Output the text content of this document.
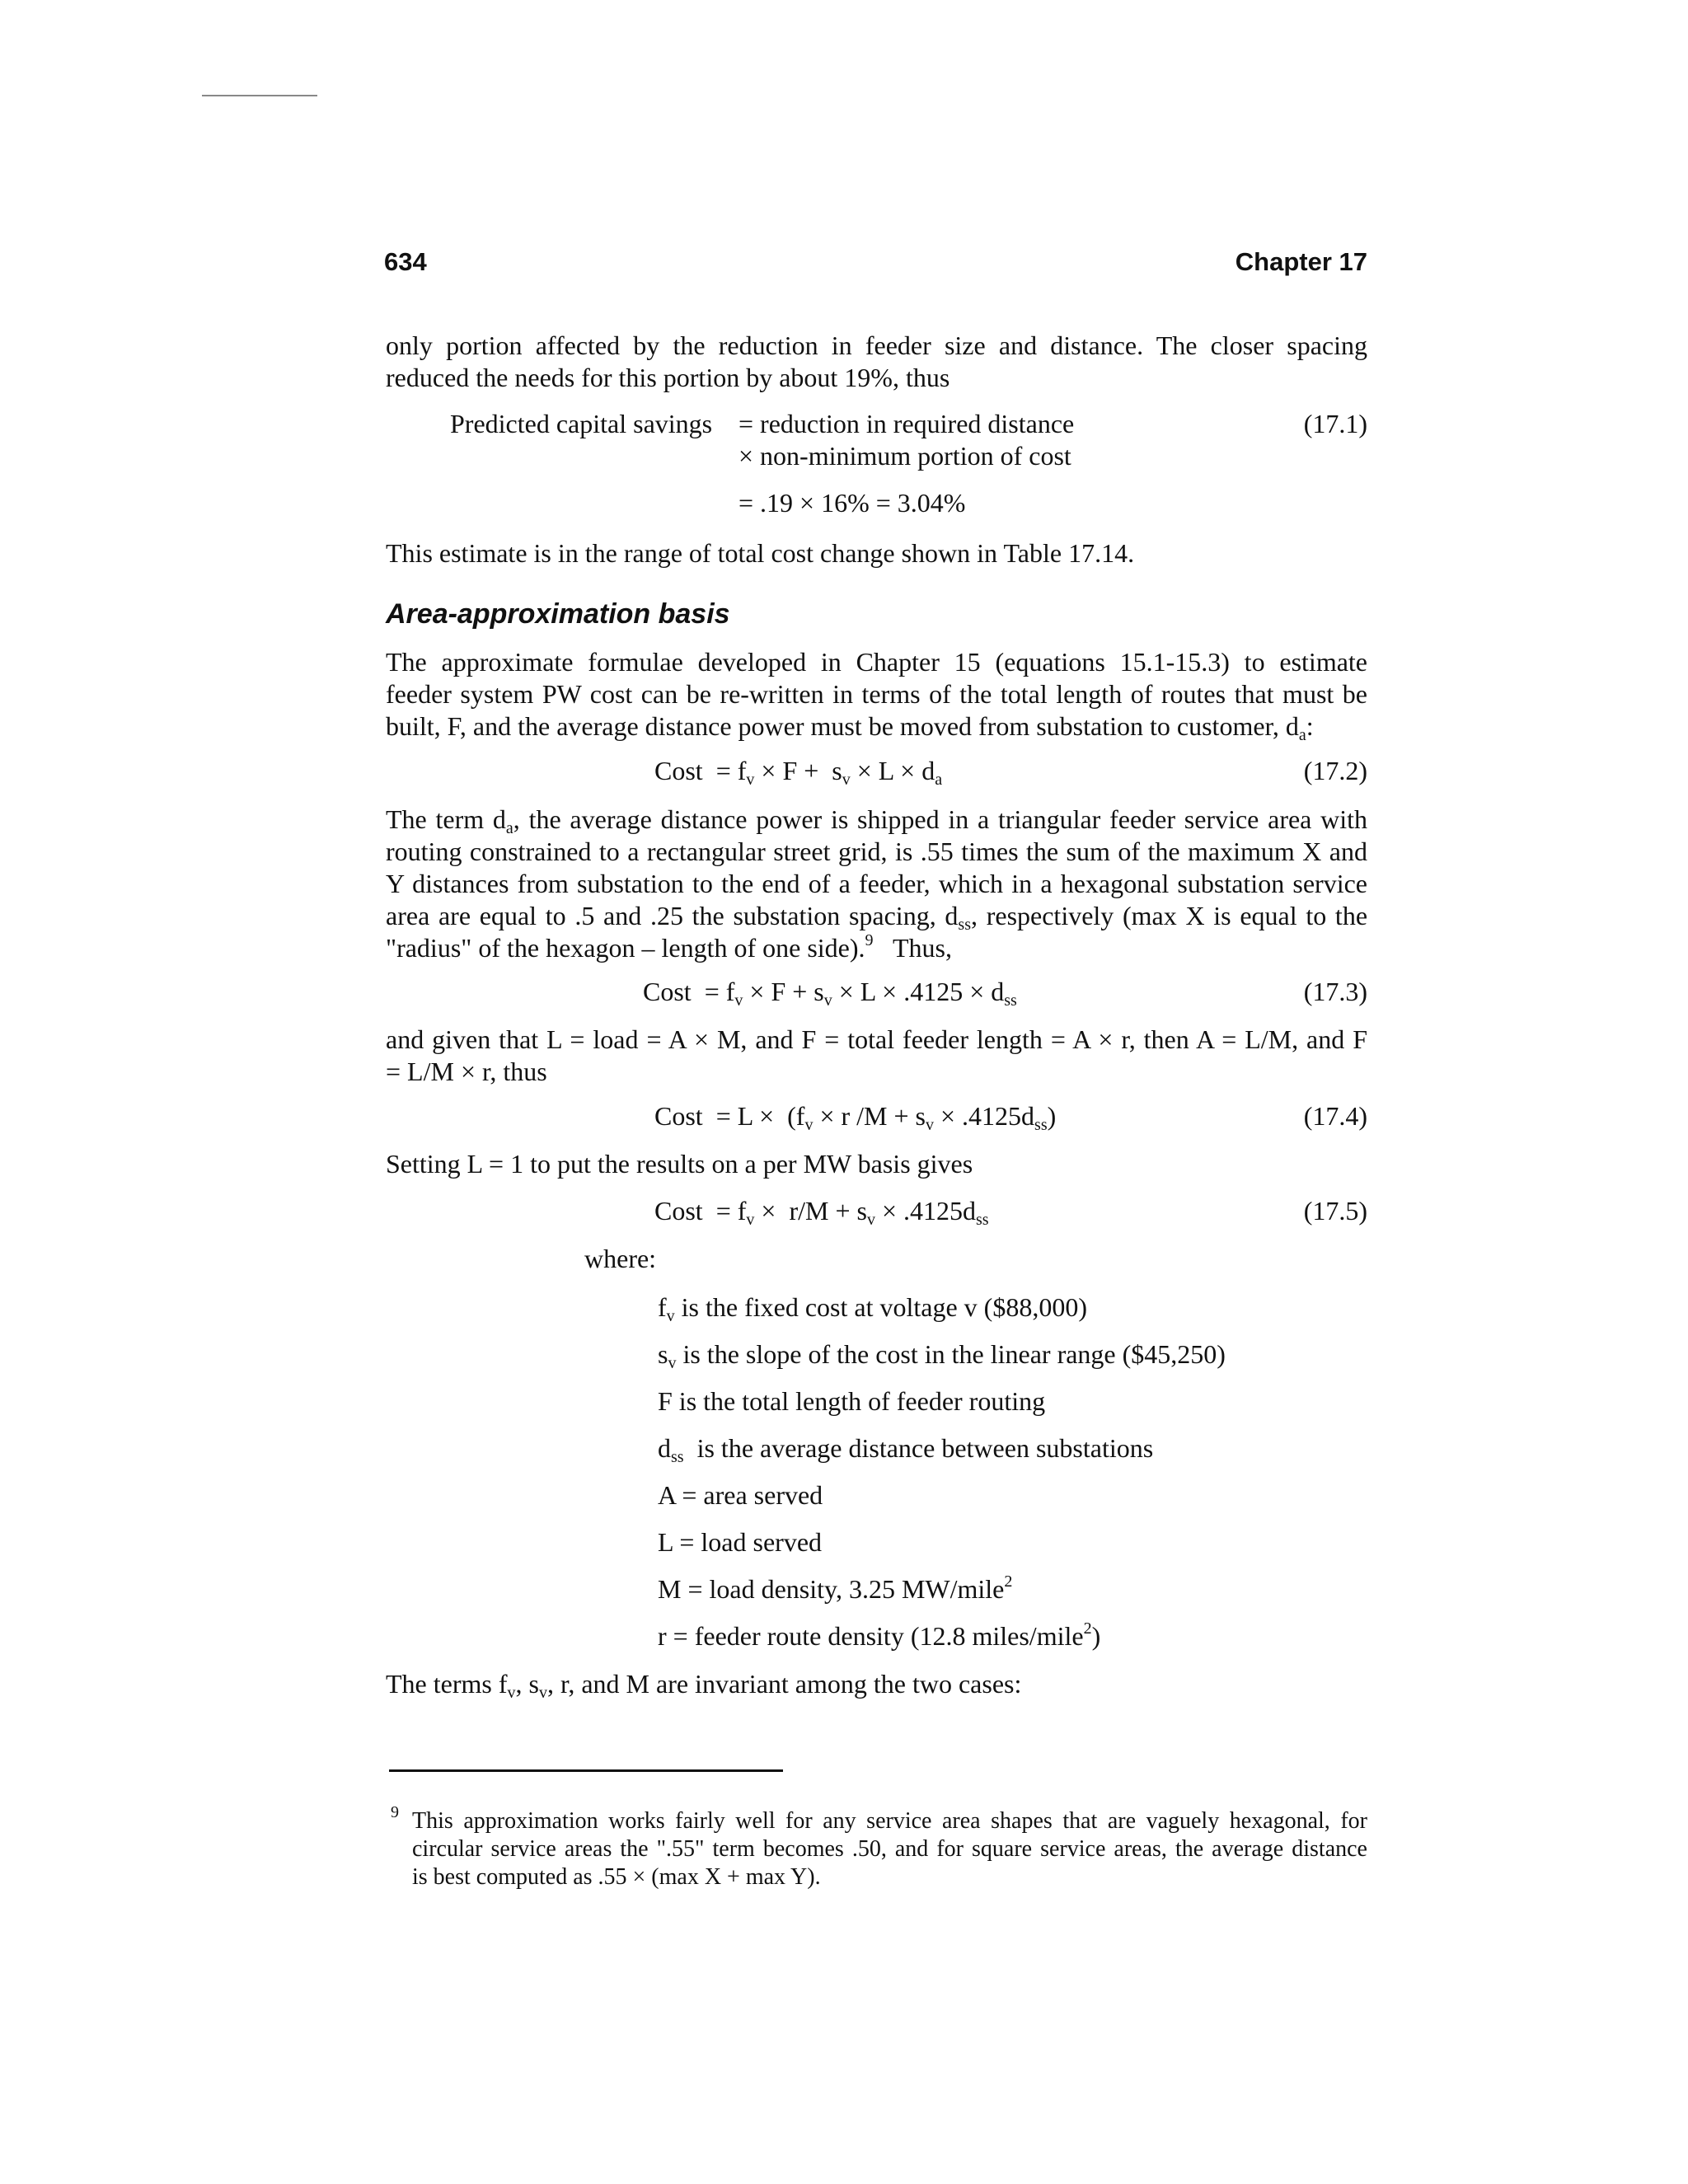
634	Chapter 17
only portion affected by the reduction in feeder size and distance. The closer spacing
reduced the needs for this portion by about 19%, thus
Predicted capital savings = reduction in required distance	(17.1)
× non-minimum portion of cost
= .19 × 16% = 3.04%
This estimate is in the range of total cost change shown in Table 17.14.
Area-approximation basis
The approximate formulae developed in Chapter 15 (equations 15.1-15.3) to estimate
feeder system PW cost can be re-written in terms of the total length of routes that must be
built, F, and the average distance power must be moved from substation to customer, $d_a$:
Cost  = $f_v \times F + s_v \times L \times d_a$	(17.2)
The term $d_a$, the average distance power is shipped in a triangular feeder service area with
routing constrained to a rectangular street grid, is .55 times the sum of the maximum X and
Y distances from substation to the end of a feeder, which in a hexagonal substation service
area are equal to .5 and .25 the substation spacing, $d_{ss}$, respectively (max X is equal to the
"radius" of the hexagon – length of one side).$^9$   Thus,
Cost  = $f_v \times F + s_v \times L \times .4125 \times d_{ss}$	(17.3)
and given that L = load = A × M, and F = total feeder length = A × r, then A = L/M, and F
= L/M × r, thus
Cost  = $L \times (f_v \times r$ $/M + s_v \times .4125d_{ss}$)	(17.4)
Setting L = 1 to put the results on a per MW basis gives
Cost  = $f_v \times r/M + s_v \times .4125d_{ss}$	(17.5)
where:
$f_v$ is the fixed cost at voltage v ($88,000)
$s_v$ is the slope of the cost in the linear range ($45,250)
F is the total length of feeder routing
$d_{ss}$ is the average distance between substations
A = area served
L = load served
M = load density, 3.25 MW/mile$^2$
r = feeder route density (12.8 miles/mile$^2$)
The terms $f_v$, $s_v$, r, and M are invariant among the two cases:
9 This approximation works fairly well for any service area shapes that are vaguely hexagonal, for
circular service areas the ".55" term becomes .50, and for square service areas, the average distance
is best computed as .55 × (max X + max Y).
